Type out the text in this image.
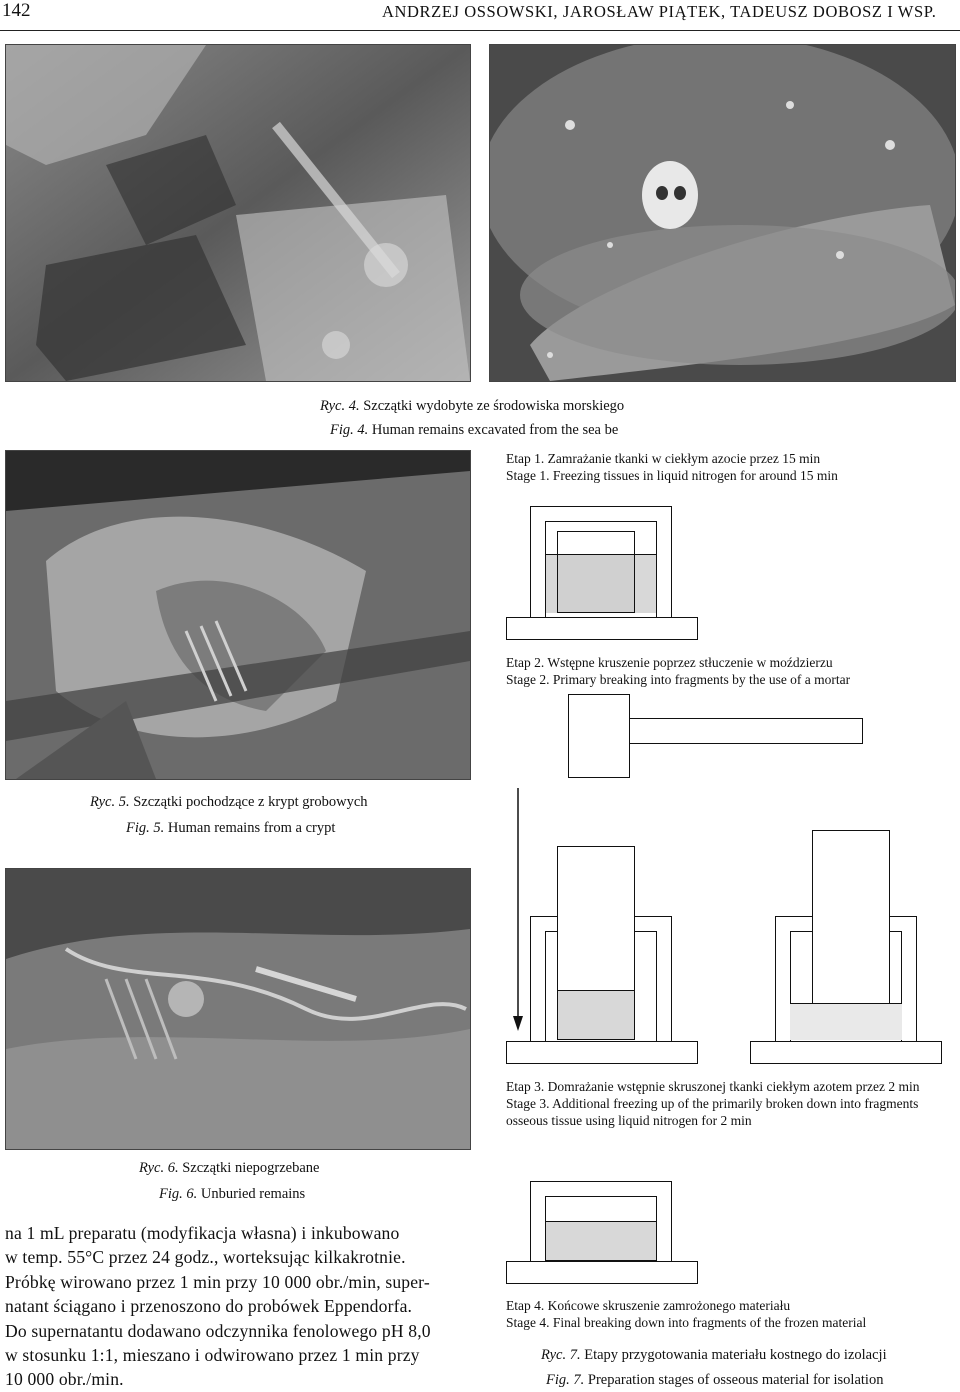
142	ANDRZEJ OSSOWSKI, JAROSŁAW PIĄTEK, TADEUSZ DOBOSZ I WSP.
Ryc. 4. Szczątki wydobyte ze środowiska morskiego
Fig. 4. Human remains excavated from the sea be
Ryc. 5. Szczątki pochodzące z krypt grobowych
Fig. 5. Human remains from a crypt
Ryc. 6. Szczątki niepogrzebane
Fig. 6. Unburied remains
na 1 mL preparatu (modyfikacja własna) i inkubowano
w temp. 55°C przez 24 godz., worteksując kilkakrotnie.
Próbkę wirowano przez 1 min przy 10 000 obr./min, super-
natant ściągano i przenoszono do probówek Eppendorfa.
Do supernatantu dodawano odczynnika fenolowego pH 8,0
w stosunku 1:1, mieszano i odwirowano przez 1 min przy
10 000 obr./min.
Etap 1. Zamrażanie tkanki w ciekłym azocie przez 15 min
Stage 1. Freezing tissues in liquid nitrogen for around 15 min
Etap 2. Wstępne kruszenie poprzez stłuczenie w moździerzu
Stage 2. Primary breaking into fragments by the use of a mortar
Etap 3. Domrażanie wstępnie skruszonej tkanki ciekłym azotem przez 2 min
Stage 3. Additional freezing up of the primarily broken down into fragments
osseous tissue using liquid nitrogen for 2 min
Etap 4. Końcowe skruszenie zamrożonego materiału
Stage 4. Final breaking down into fragments of the frozen material
Ryc. 7. Etapy przygotowania materiału kostnego do izolacji
Fig. 7. Preparation stages of osseous material for isolation
